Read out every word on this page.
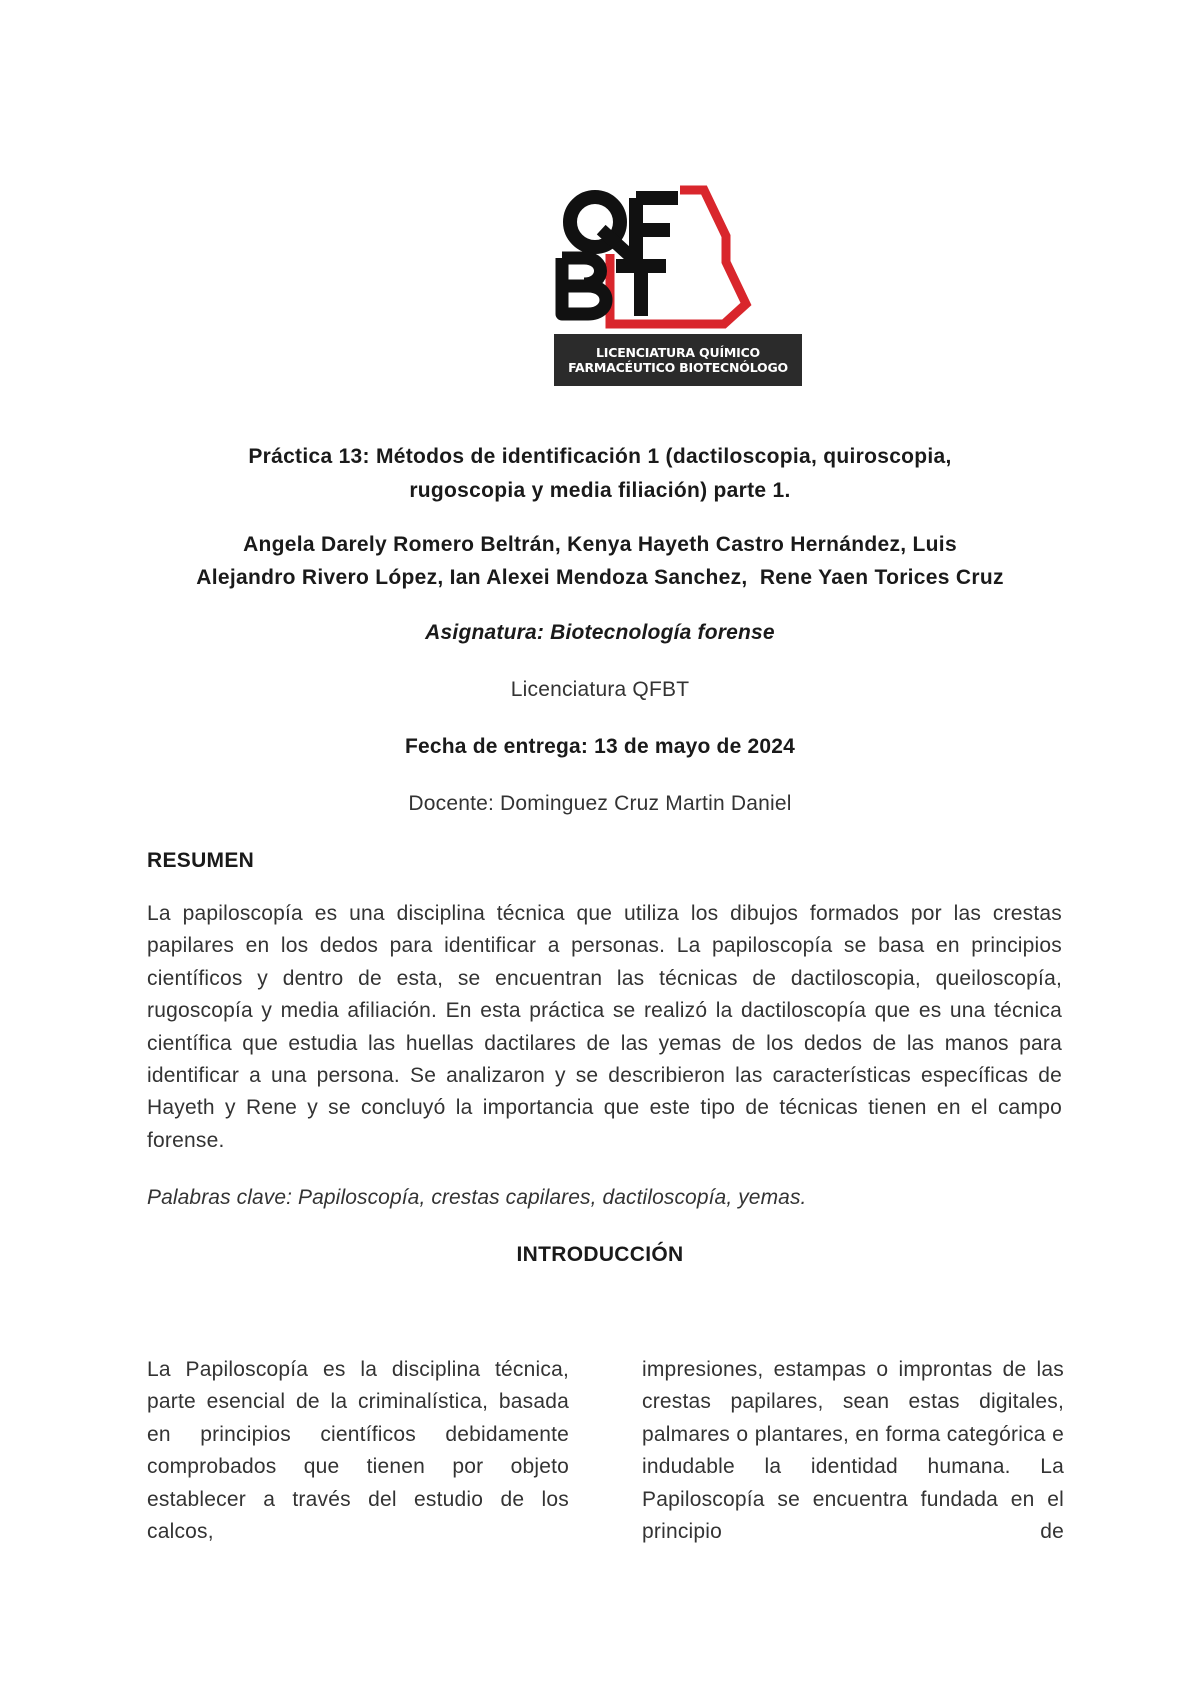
LICENCIATURA QUÍMICO
FARMACÉUTICO BIOTECNÓLOGO

Práctica 13: Métodos de identificación 1 (dactiloscopia, quiroscopia,
rugoscopia y media filiación) parte 1.

Angela Darely Romero Beltrán, Kenya Hayeth Castro Hernández, Luis
Alejandro Rivero López, Ian Alexei Mendoza Sanchez,  Rene Yaen Torices Cruz

Asignatura: Biotecnología forense

Licenciatura QFBT

Fecha de entrega: 13 de mayo de 2024

Docente: Dominguez Cruz Martin Daniel

RESUMEN

La papiloscopía es una disciplina técnica que utiliza los dibujos formados por las crestas papilares en los dedos para identificar a personas. La papiloscopía se basa en principios científicos y dentro de esta, se encuentran las técnicas de dactiloscopia, queiloscopía, rugoscopía y media afiliación. En esta práctica se realizó la dactiloscopía que es una técnica científica que estudia las huellas dactilares de las yemas de los dedos de las manos para identificar a una persona. Se analizaron y se describieron las características específicas de Hayeth y Rene y se concluyó la importancia que este tipo de técnicas tienen en el campo forense.

Palabras clave: Papiloscopía, crestas capilares, dactiloscopía, yemas.

INTRODUCCIÓN

La Papiloscopía es la disciplina técnica, parte esencial de la criminalística, basada en principios científicos debidamente comprobados que tienen por objeto establecer a través del estudio de los calcos,

impresiones, estampas o improntas de las crestas papilares, sean estas digitales, palmares o plantares, en forma categórica e indudable la identidad humana. La Papiloscopía se encuentra fundada en el principio de
